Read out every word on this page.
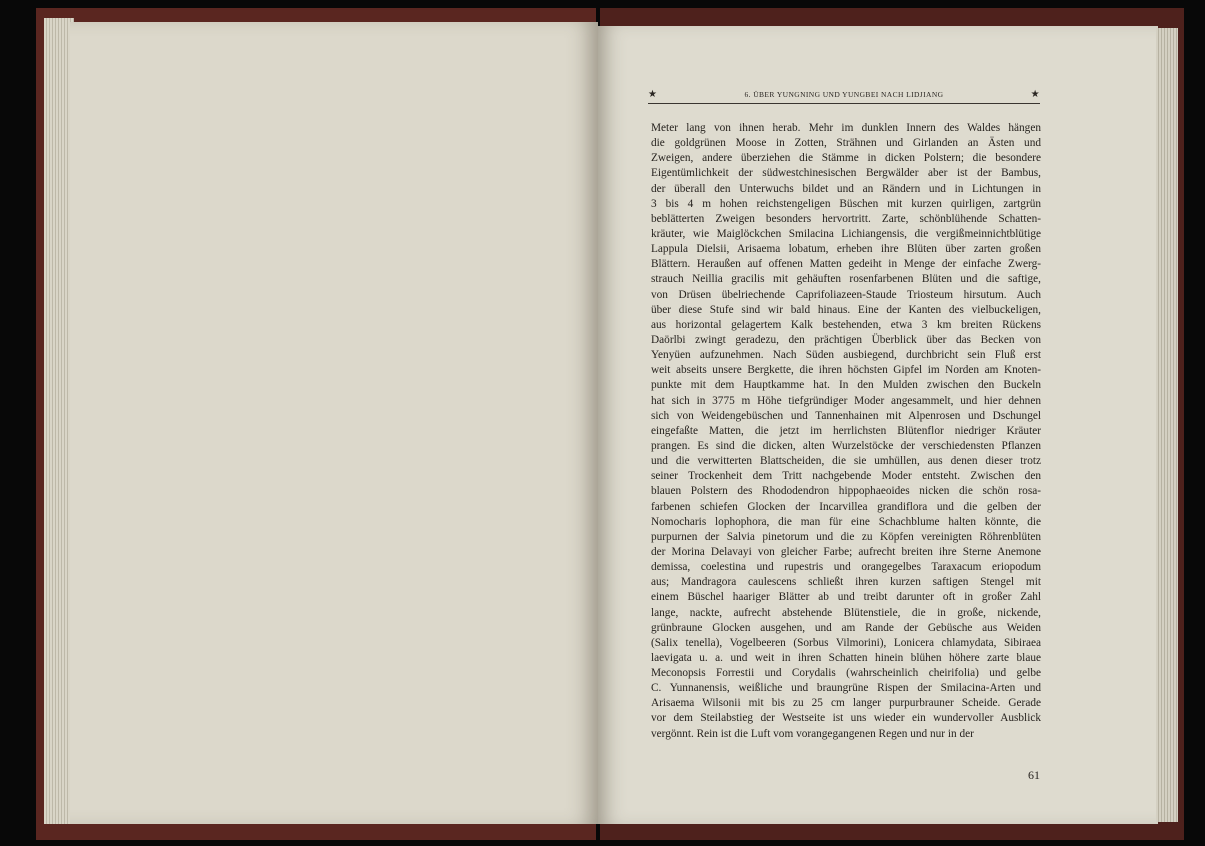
★	6. ÜBER YUNGNING UND YUNGBEI NACH LIDJIANG	★
Meter lang von ihnen herab. Mehr im dunklen Innern des Waldes hängen
die goldgrünen Moose in Zotten, Strähnen und Girlanden an Ästen und
Zweigen, andere überziehen die Stämme in dicken Polstern; die besondere
Eigentümlichkeit der südwestchinesischen Bergwälder aber ist der Bambus,
der überall den Unterwuchs bildet und an Rändern und in Lichtungen in
3 bis 4 m hohen reichstengeligen Büschen mit kurzen quirligen, zartgrün
beblätterten Zweigen besonders hervortritt. Zarte, schönblühende Schatten-
kräuter, wie Maiglöckchen Smilacina Lichiangensis, die vergißmeinnichtblütige
Lappula Dielsii, Arisaema lobatum, erheben ihre Blüten über zarten großen
Blättern. Heraußen auf offenen Matten gedeiht in Menge der einfache Zwerg-
strauch Neillia gracilis mit gehäuften rosenfarbenen Blüten und die saftige,
von Drüsen übelriechende Caprifoliazeen-Staude Triosteum hirsutum. Auch
über diese Stufe sind wir bald hinaus. Eine der Kanten des vielbuckeligen,
aus horizontal gelagertem Kalk bestehenden, etwa 3 km breiten Rückens
Daörlbi zwingt geradezu, den prächtigen Überblick über das Becken von
Yenyüen aufzunehmen. Nach Süden ausbiegend, durchbricht sein Fluß erst
weit abseits unsere Bergkette, die ihren höchsten Gipfel im Norden am Knoten-
punkte mit dem Hauptkamme hat. In den Mulden zwischen den Buckeln
hat sich in 3775 m Höhe tiefgründiger Moder angesammelt, und hier dehnen
sich von Weidengebüschen und Tannenhainen mit Alpenrosen und Dschungel
eingefaßte Matten, die jetzt im herrlichsten Blütenflor niedriger Kräuter
prangen. Es sind die dicken, alten Wurzelstöcke der verschiedensten Pflanzen
und die verwitterten Blattscheiden, die sie umhüllen, aus denen dieser trotz
seiner Trockenheit dem Tritt nachgebende Moder entsteht. Zwischen den
blauen Polstern des Rhododendron hippophaeoides nicken die schön rosa-
farbenen schiefen Glocken der Incarvillea grandiflora und die gelben der
Nomocharis lophophora, die man für eine Schachblume halten könnte, die
purpurnen der Salvia pinetorum und die zu Köpfen vereinigten Röhrenblüten
der Morina Delavayi von gleicher Farbe; aufrecht breiten ihre Sterne Anemone
demissa, coelestina und rupestris und orangegelbes Taraxacum eriopodum
aus; Mandragora caulescens schließt ihren kurzen saftigen Stengel mit
einem Büschel haariger Blätter ab und treibt darunter oft in großer Zahl
lange, nackte, aufrecht abstehende Blütenstiele, die in große, nickende,
grünbraune Glocken ausgehen, und am Rande der Gebüsche aus Weiden
(Salix tenella), Vogelbeeren (Sorbus Vilmorini), Lonicera chlamydata, Sibiraea
laevigata u. a. und weit in ihren Schatten hinein blühen höhere zarte blaue
Meconopsis Forrestii und Corydalis (wahrscheinlich cheirifolia) und gelbe
C. Yunnanensis, weißliche und braungrüne Rispen der Smilacina-Arten und
Arisaema Wilsonii mit bis zu 25 cm langer purpurbrauner Scheide. Gerade
vor dem Steilabstieg der Westseite ist uns wieder ein wundervoller Ausblick
vergönnt. Rein ist die Luft vom vorangegangenen Regen und nur in der
61
